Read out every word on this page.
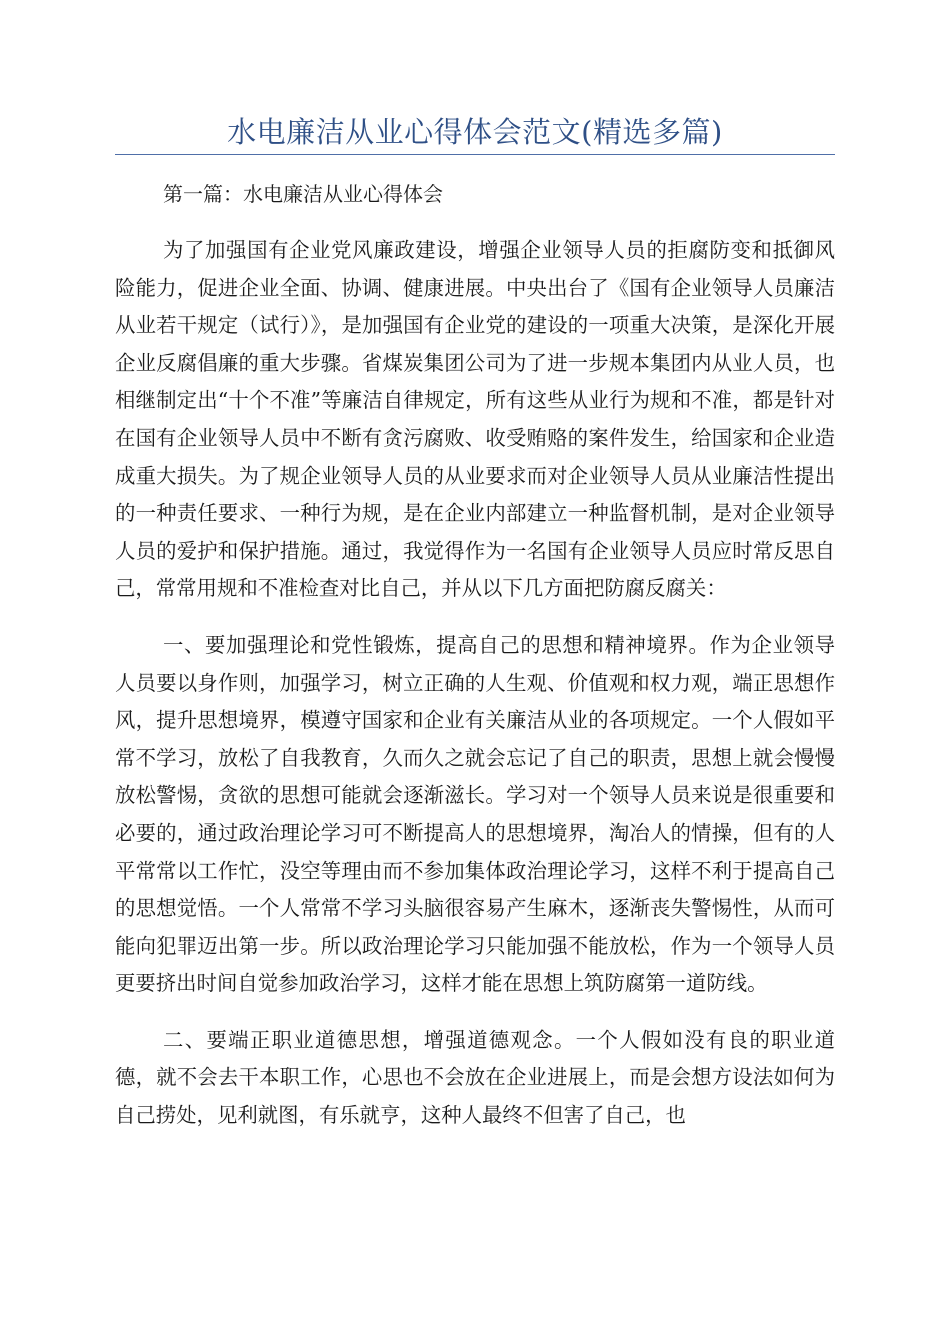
水电廉洁从业心得体会范文(精选多篇)
第一篇：水电廉洁从业心得体会

为了加强国有企业党风廉政建设，增强企业领导人员的拒腐防变和抵御风险能力，促进企业全面、协调、健康进展。中央出台了《国有企业领导人员廉洁从业若干规定（试行）》，是加强国有企业党的建设的一项重大决策，是深化开展企业反腐倡廉的重大步骤。省煤炭集团公司为了进一步规本集团内从业人员，也相继制定出“十个不准”等廉洁自律规定，所有这些从业行为规和不准，都是针对在国有企业领导人员中不断有贪污腐败、收受贿赂的案件发生，给国家和企业造成重大损失。为了规企业领导人员的从业要求而对企业领导人员从业廉洁性提出的一种责任要求、一种行为规，是在企业内部建立一种监督机制，是对企业领导人员的爱护和保护措施。通过，我觉得作为一名国有企业领导人员应时常反思自己，常常用规和不准检查对比自己，并从以下几方面把防腐反腐关：

一、要加强理论和党性锻炼，提高自己的思想和精神境界。作为企业领导人员要以身作则，加强学习，树立正确的人生观、价值观和权力观，端正思想作风，提升思想境界，模遵守国家和企业有关廉洁从业的各项规定。一个人假如平常不学习，放松了自我教育，久而久之就会忘记了自己的职责，思想上就会慢慢放松警惕，贪欲的思想可能就会逐渐滋长。学习对一个领导人员来说是很重要和必要的，通过政治理论学习可不断提高人的思想境界，淘冶人的情操，但有的人平常常以工作忙，没空等理由而不参加集体政治理论学习，这样不利于提高自己的思想觉悟。一个人常常不学习头脑很容易产生麻木，逐渐丧失警惕性，从而可能向犯罪迈出第一步。所以政治理论学习只能加强不能放松，作为一个领导人员更要挤出时间自觉参加政治学习，这样才能在思想上筑防腐第一道防线。

二、要端正职业道德思想，增强道德观念。一个人假如没有良的职业道德，就不会去干本职工作，心思也不会放在企业进展上，而是会想方设法如何为自己捞处，见利就图，有乐就亨，这种人最终不但害了自己，也
